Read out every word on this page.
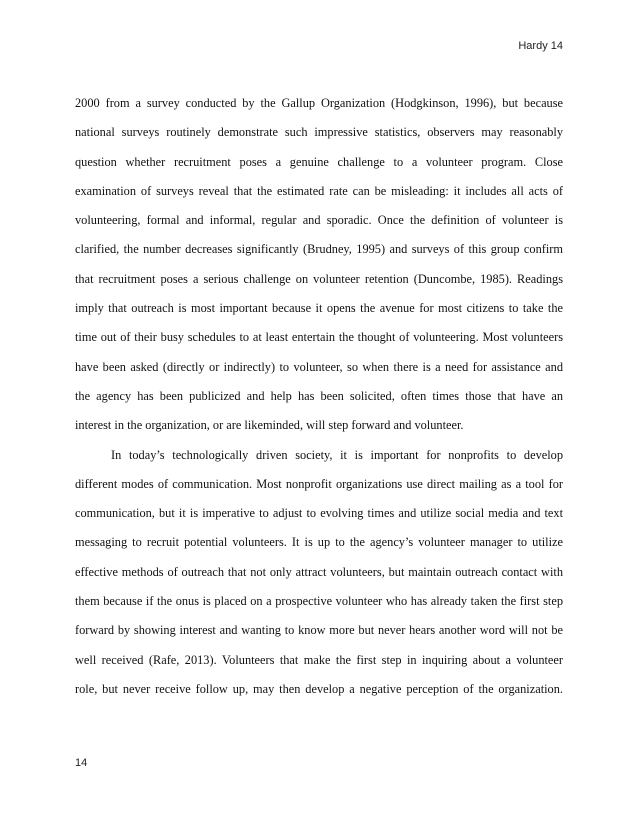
Hardy 14

2000 from a survey conducted by the Gallup Organization (Hodgkinson, 1996), but because
national surveys routinely demonstrate such impressive statistics, observers may reasonably
question whether recruitment poses a genuine challenge to a volunteer program. Close
examination of surveys reveal that the estimated rate can be misleading: it includes all acts of
volunteering, formal and informal, regular and sporadic. Once the definition of volunteer is
clarified, the number decreases significantly (Brudney, 1995) and surveys of this group confirm
that recruitment poses a serious challenge on volunteer retention (Duncombe, 1985). Readings
imply that outreach is most important because it opens the avenue for most citizens to take the
time out of their busy schedules to at least entertain the thought of volunteering. Most volunteers
have been asked (directly or indirectly) to volunteer, so when there is a need for assistance and
the agency has been publicized and help has been solicited, often times those that have an
interest in the organization, or are likeminded, will step forward and volunteer.

In today’s technologically driven society, it is important for nonprofits to develop
different modes of communication. Most nonprofit organizations use direct mailing as a tool for
communication, but it is imperative to adjust to evolving times and utilize social media and text
messaging to recruit potential volunteers. It is up to the agency’s volunteer manager to utilize
effective methods of outreach that not only attract volunteers, but maintain outreach contact with
them because if the onus is placed on a prospective volunteer who has already taken the first step
forward by showing interest and wanting to know more but never hears another word will not be
well received (Rafe, 2013). Volunteers that make the first step in inquiring about a volunteer
role, but never receive follow up, may then develop a negative perception of the organization.

14
